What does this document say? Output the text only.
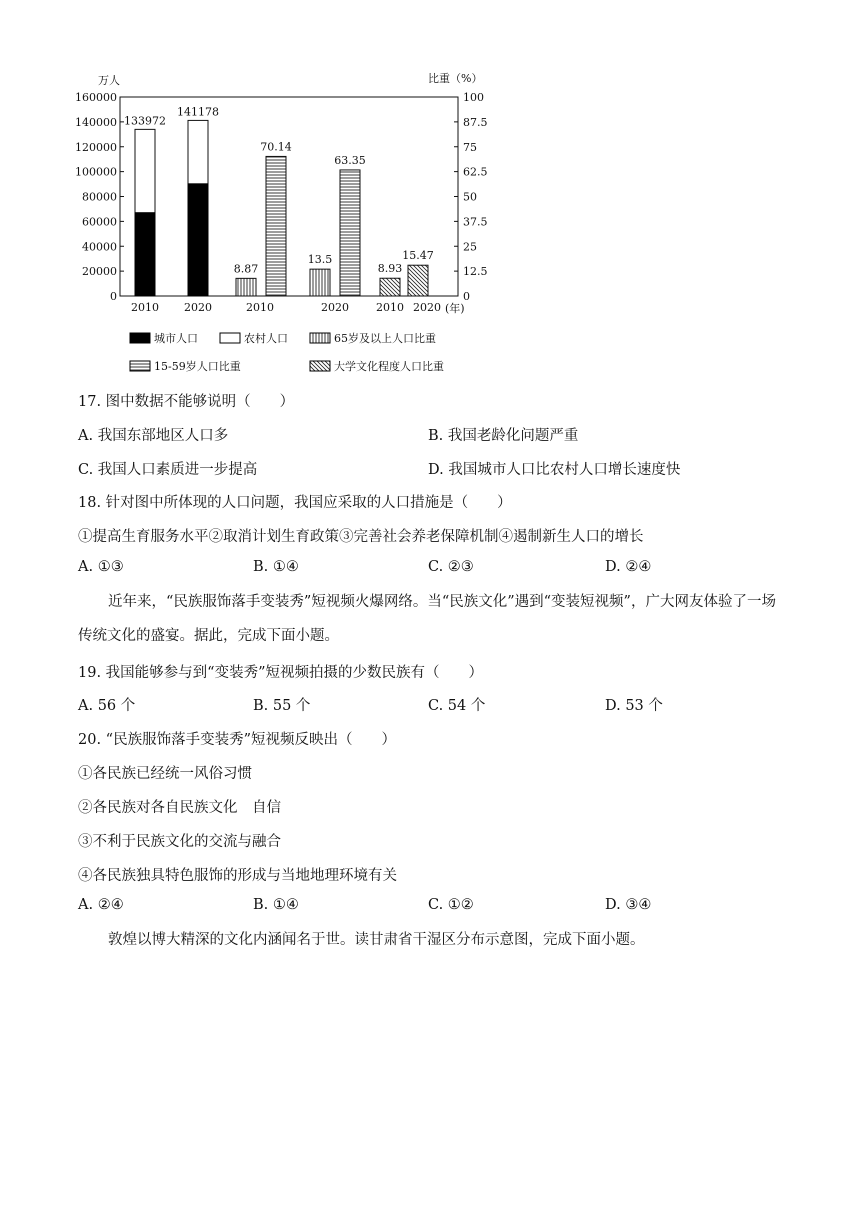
万人	比重（%）
160000
140000
120000
100000
80000
60000
40000
20000
0
100
87.5
75
62.5
50
37.5
25
12.5
0
133972
141178
8.87
70.14
13.5
63.35
8.93
15.47
2010 2020	2010	2020 2010 2020 (年)
城市人口	农村人口	65岁及以上人口比重
15-59岁人口比重	大学文化程度人口比重
17. 图中数据不能够说明（　　）
A. 我国东部地区人口多	B. 我国老龄化问题严重
C. 我国人口素质进一步提高	D. 我国城市人口比农村人口增长速度快
18. 针对图中所体现的人口问题，我国应采取的人口措施是（　　）
①提高生育服务水平②取消计划生育政策③完善社会养老保障机制④遏制新生人口的增长
A. ①③	B. ①④	C. ②③	D. ②④
近年来，“民族服饰落手变装秀”短视频火爆网络。当“民族文化”遇到“变装短视频”，广大网友体验了一场传统文化的盛宴。据此，完成下面小题。
19. 我国能够参与到“变装秀”短视频拍摄的少数民族有（　　）
A. 56 个	B. 55 个	C. 54 个	D. 53 个
20. “民族服饰落手变装秀”短视频反映出（　　）
①各民族已经统一风俗习惯
②各民族对各自民族文化　自信
③不利于民族文化的交流与融合
④各民族独具特色服饰的形成与当地地理环境有关
A. ②④	B. ①④	C. ①②	D. ③④
敦煌以博大精深的文化内涵闻名于世。读甘肃省干湿区分布示意图，完成下面小题。
